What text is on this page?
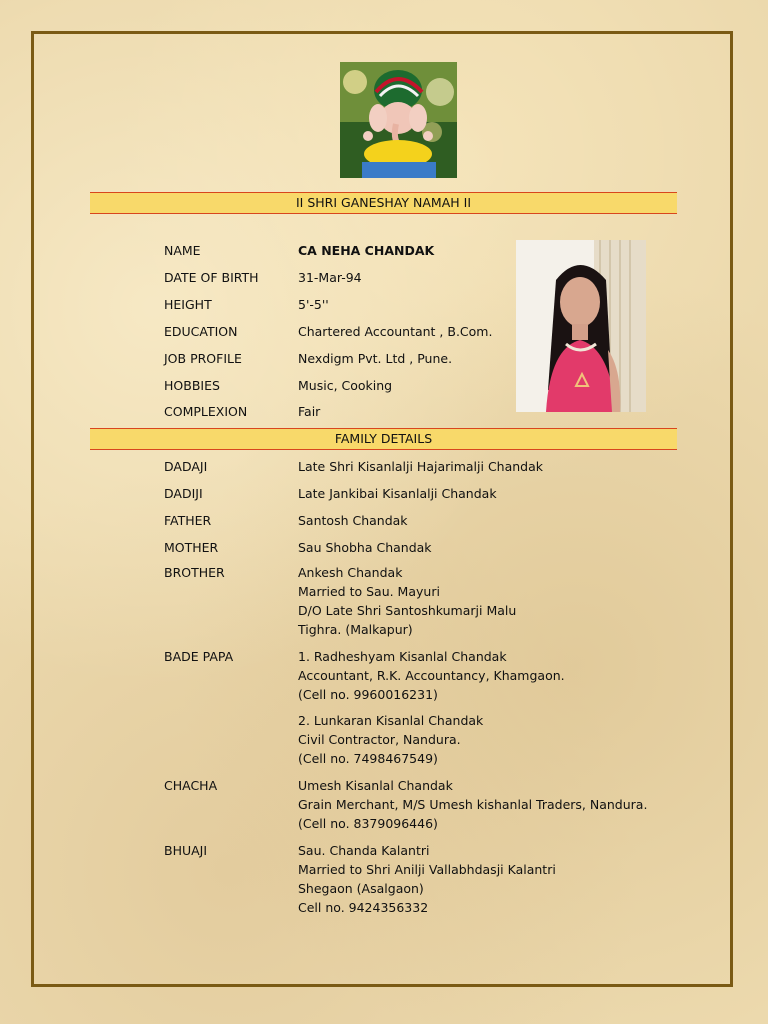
II SHRI GANESHAY NAMAH II
NAME	CA NEHA CHANDAK
DATE OF BIRTH	31-Mar-94
HEIGHT	5'-5''
EDUCATION	Chartered Accountant , B.Com.
JOB PROFILE	Nexdigm Pvt. Ltd , Pune.
HOBBIES	Music, Cooking
COMPLEXION	Fair
FAMILY DETAILS
DADAJI	Late Shri Kisanlalji Hajarimalji Chandak
DADIJI	Late Jankibai Kisanlalji Chandak
FATHER	Santosh Chandak
MOTHER	Sau Shobha Chandak
BROTHER	Ankesh Chandak
Married to Sau. Mayuri
D/O Late Shri Santoshkumarji Malu
Tighra. (Malkapur)
BADE PAPA	1. Radheshyam Kisanlal Chandak
Accountant, R.K. Accountancy, Khamgaon.
(Cell no. 9960016231)
2. Lunkaran Kisanlal Chandak
Civil Contractor, Nandura.
(Cell no. 7498467549)
CHACHA	Umesh Kisanlal Chandak
Grain Merchant, M/S Umesh kishanlal Traders, Nandura.
(Cell no. 8379096446)
BHUAJI	Sau. Chanda Kalantri
Married to Shri Anilji Vallabhdasji Kalantri
Shegaon (Asalgaon)
Cell no. 9424356332
